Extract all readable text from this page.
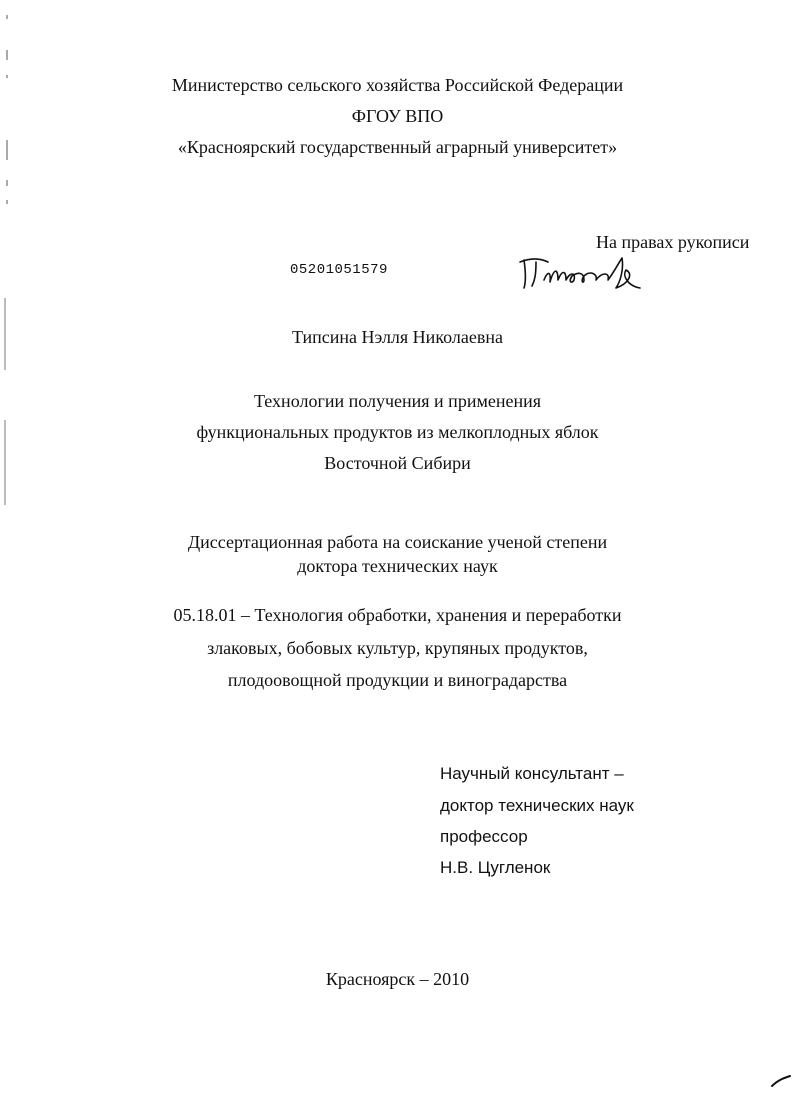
Министерство сельского хозяйства Российской Федерации
ФГОУ ВПО
«Красноярский государственный аграрный университет»
На правах рукописи
05201051579
Типсина Нэлля Николаевна
Технологии получения и применения
функциональных продуктов из мелкоплодных яблок
Восточной Сибири
Диссертационная работа на соискание ученой степени
доктора технических наук
05.18.01 – Технология обработки, хранения и переработки
злаковых, бобовых культур, крупяных продуктов,
плодоовощной продукции и виноградарства
Научный консультант –
доктор технических наук
профессор
Н.В. Цугленок
Красноярск – 2010
